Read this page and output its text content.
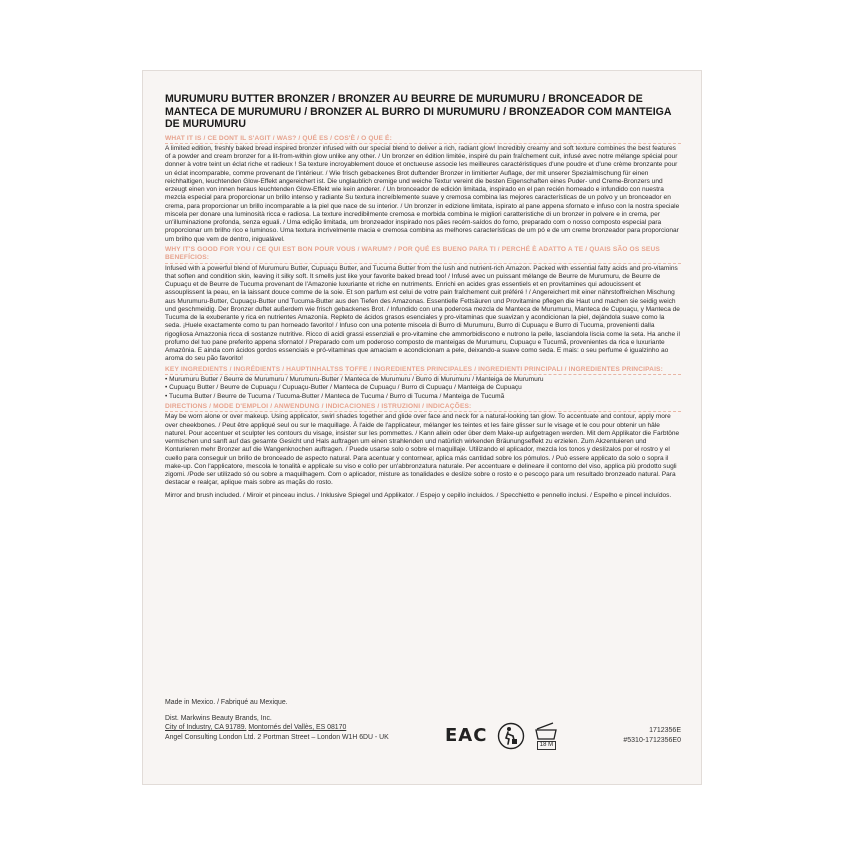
MURUMURU BUTTER BRONZER / BRONZER AU BEURRE DE MURUMURU / BRONCEADOR DE MANTECA DE MURUMURU / BRONZER AL BURRO DI MURUMURU / BRONZEADOR COM MANTEIGA DE MURUMURU
WHAT IT IS / CE DONT IL S'AGIT / WAS? / QUÉ ES / COS'È / O QUE É:
A limited edition, freshly baked bread inspired bronzer infused with our special blend to deliver a rich, radiant glow! Incredibly creamy and soft texture combines the best features of a powder and cream bronzer for a lit-from-within glow unlike any other. / Un bronzer en édition limitée, inspiré du pain fraîchement cuit, infusé avec notre mélange spécial pour donner à votre teint un éclat riche et radieux ! Sa texture incroyablement douce et onctueuse associe les meilleures caractéristiques d'une poudre et d'une crème bronzante pour un éclat incomparable, comme provenant de l'intérieur. / Wie frisch gebackenes Brot duftender Bronzer in limitierter Auflage, der mit unserer Spezialmischung für einen reichhaltigen, leuchtenden Glow-Effekt angereichert ist. Die unglaublich cremige und weiche Textur vereint die besten Eigenschaften eines Puder- und Creme-Bronzers und erzeugt einen von innen heraus leuchtenden Glow-Effekt wie kein anderer. / Un bronceador de edición limitada, inspirado en el pan recién horneado e infundido con nuestra mezcla especial para proporcionar un brillo intenso y radiante Su textura increíblemente suave y cremosa combina las mejores características de un polvo y un bronceador en crema, para proporcionar un brillo incomparable a la piel que nace de su interior. / Un bronzer in edizione limitata, ispirato al pane appena sfornato e infuso con la nostra speciale miscela per donare una luminosità ricca e radiosa. La texture incredibilmente cremosa e morbida combina le migliori caratteristiche di un bronzer in polvere e in crema, per un'illuminazione profonda, senza eguali. / Uma edição limitada, um bronzeador inspirado nos pães recém-saídos do forno, preparado com o nosso composto especial para proporcionar um brilho rico e luminoso. Uma textura incrivelmente macia e cremosa combina as melhores características de um pó e de um creme bronzeador para proporcionar um brilho que vem de dentro, inigualável.
WHY IT'S GOOD FOR YOU / CE QUI EST BON POUR VOUS / WARUM? / POR QUÉ ES BUENO PARA TI / PERCHÉ È ADATTO A TE / QUAIS SÃO OS SEUS BENEFÍCIOS:
Infused with a powerful blend of Murumuru Butter, Cupuaçu Butter, and Tucuma Butter from the lush and nutrient-rich Amazon. Packed with essential fatty acids and pro-vitamins that soften and condition skin, leaving it silky soft. It smells just like your favorite baked bread too! / Infusé avec un puissant mélange de Beurre de Murumuru, de Beurre de Cupuaçu et de Beurre de Tucuma provenant de l'Amazonie luxuriante et riche en nutriments. Enrichi en acides gras essentiels et en provitamines qui adoucissent et assouplissent la peau, en la laissant douce comme de la soie. Et son parfum est celui de votre pain fraîchement cuit préféré ! / Angereichert mit einer nährstoffreichen Mischung aus Murumuru-Butter, Cupuaçu-Butter und Tucuma-Butter aus den Tiefen des Amazonas. Essentielle Fettsäuren und Provitamine pflegen die Haut und machen sie seidig weich und geschmeidig. Der Bronzer duftet außerdem wie frisch gebackenes Brot. / Infundido con una poderosa mezcla de Manteca de Murumuru, Manteca de Cupuaçu, y Manteca de Tucuma de la exuberante y rica en nutrientes Amazonía. Repleto de ácidos grasos esenciales y pro-vitaminas que suavizan y acondicionan la piel, dejándola suave como la seda. ¡Huele exactamente como tu pan horneado favorito! / Infuso con una potente miscela di Burro di Murumuru, Burro di Cupuaçu e Burro di Tucuma, provenienti dalla rigogliosa Amazzonia ricca di sostanze nutritive. Ricco di acidi grassi essenziali e pro-vitamine che ammorbidiscono e nutrono la pelle, lasciandola liscia come la seta. Ha anche il profumo del tuo pane preferito appena sfornato! / Preparado com um poderoso composto de manteigas de Murumuru, Cupuaçu e Tucumã, provenientes da rica e luxuriante Amazônia. E ainda com ácidos gordos essenciais e pró-vitaminas que amaciam e acondicionam a pele, deixando-a suave como seda. E mais: o seu perfume é igualzinho ao aroma do seu pão favorito!
KEY INGREDIENTS / INGRÉDIENTS / HAUPTINHALTSS TOFFE / INGREDIENTES PRINCIPALES / INGREDIENTI PRINCIPALI / INGREDIENTES PRINCIPAIS:
• Murumuru Butter / Beurre de Murumuru / Murumuru-Butter / Manteca de Murumuru / Burro di Murumuru / Manteiga de Murumuru
• Cupuaçu Butter / Beurre de Cupuaçu / Cupuaçu-Butter / Manteca de Cupuaçu / Burro di Cupuaçu / Manteiga de Cupuaçu
• Tucuma Butter / Beurre de Tucuma / Tucuma-Butter / Manteca de Tucuma / Burro di Tucuma / Manteiga de Tucumã
DIRECTIONS / MODE D'EMPLOI / ANWENDUNG / INDICACIONES / ISTRUZIONI / INDICAÇÕES:
May be worn alone or over makeup. Using applicator, swirl shades together and glide over face and neck for a natural-looking tan glow. To accentuate and contour, apply more over cheekbones. / Peut être appliqué seul ou sur le maquillage. À l'aide de l'applicateur, mélanger les teintes et les faire glisser sur le visage et le cou pour obtenir un hâle naturel. Pour accentuer et sculpter les contours du visage, insister sur les pommettes. / Kann allein oder über dem Make-up aufgetragen werden. Mit dem Applikator die Farbtöne vermischen und sanft auf das gesamte Gesicht und Hals auftragen um einen strahlenden und natürlich wirkenden Bräunungseffekt zu erzielen. Zum Akzentuieren und Konturieren mehr Bronzer auf die Wangenknochen auftragen. / Puede usarse solo o sobre el maquillaje. Utilizando el aplicador, mezcla los tonos y deslízalos por el rostro y el cuello para conseguir un brillo de bronceado de aspecto natural. Para acentuar y contornear, aplica más cantidad sobre los pómulos. / Può essere applicato da solo o sopra il make-up. Con l'applicatore, mescola le tonalità e applicale su viso e collo per un'abbronzatura naturale. Per accentuare e delineare il contorno del viso, applica più prodotto sugli zigomi. /Pode ser utilizado só ou sobre a maquilhagem. Com o aplicador, misture as tonalidades e deslize sobre o rosto e o pescoço para um resultado bronzeado natural. Para destacar e realçar, aplique mais sobre as maçãs do rosto.
Mirror and brush included. / Miroir et pinceau inclus. / Inklusive Spiegel und Applikator. / Espejo y cepillo incluidos. / Specchietto e pennello inclusi. / Espelho e pincel incluídos.
Made in Mexico. / Fabriqué au Mexique.
Dist. Markwins Beauty Brands, Inc.
City of Industry, CA 91789. Montornés del Vallès, ES 08170
Angel Consulting London Ltd. 2 Portman Street – London W1H 6DU - UK	EAC	18 M
1712356E
#5310-1712356E0
